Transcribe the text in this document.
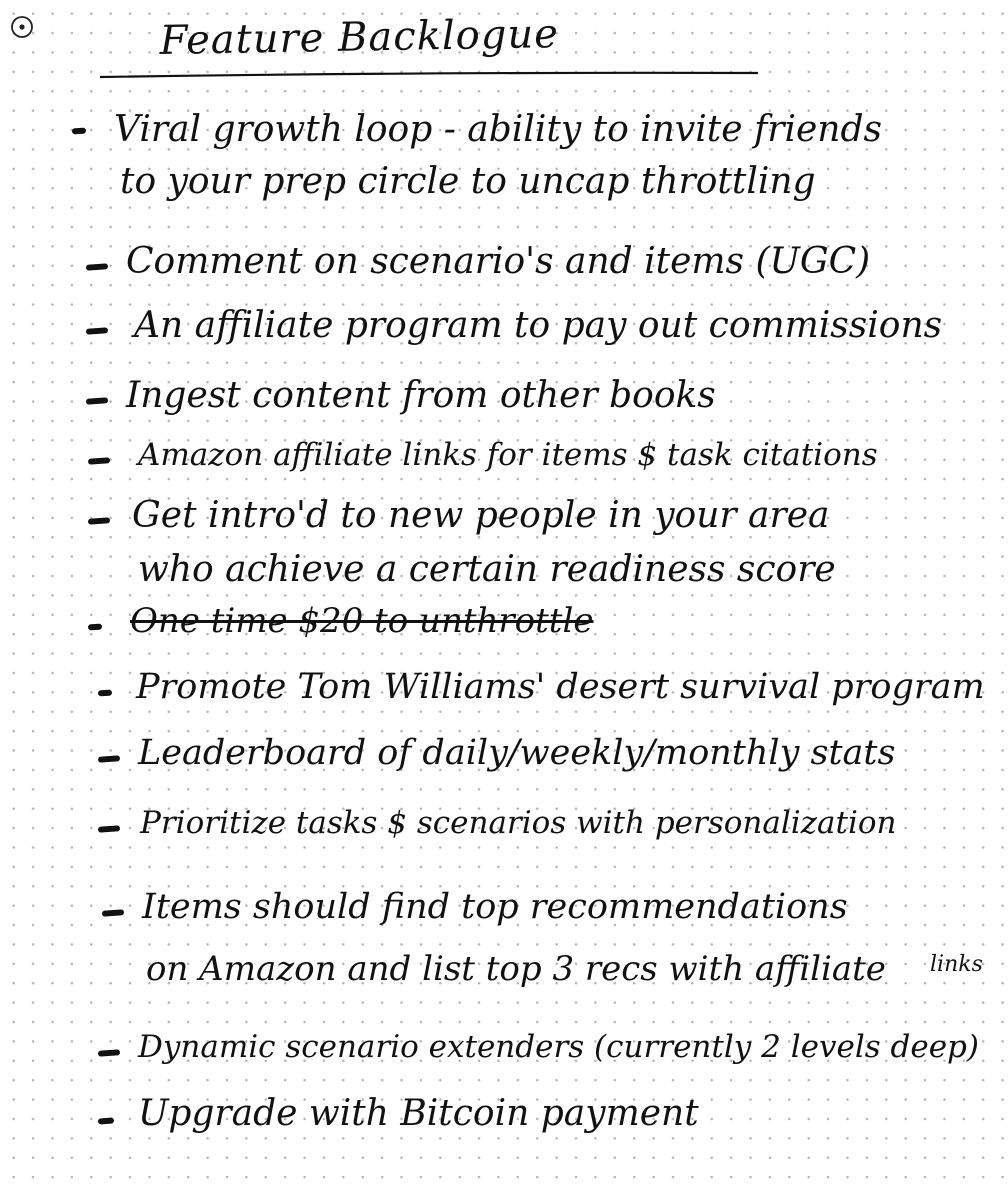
Feature Backlogue
Viral growth loop - ability to invite friends
to your prep circle to uncap throttling
Comment on scenario's and items (UGC)
An affiliate program to pay out commissions
Ingest content from other books
Amazon affiliate links for items $ task citations
Get intro'd to new people in your area
who achieve a certain readiness score
One time $20 to unthrottle
Promote Tom Williams' desert survival program
Leaderboard of daily/weekly/monthly stats
Prioritize tasks $ scenarios with personalization
Items should find top recommendations
on Amazon and list top 3 recs with affiliate links
Dynamic scenario extenders (currently 2 levels deep)
Upgrade with Bitcoin payment
